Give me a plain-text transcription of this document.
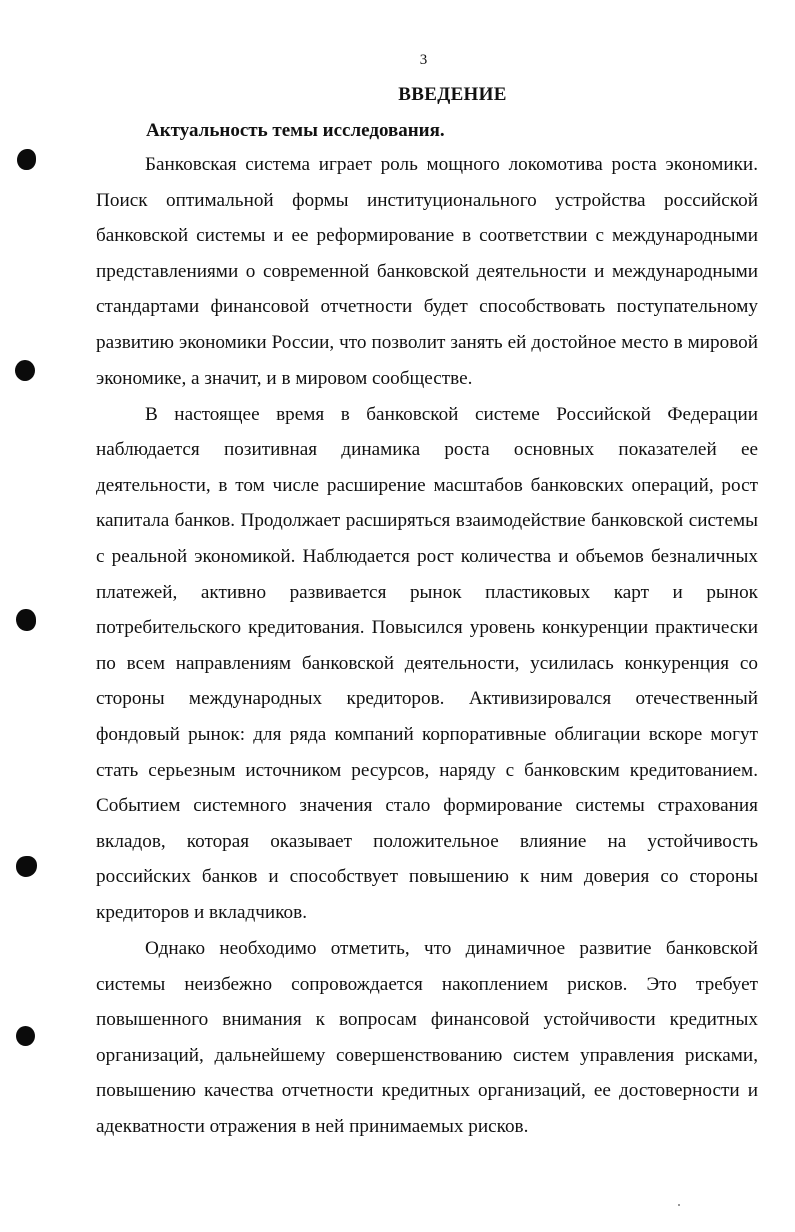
3
ВВЕДЕНИЕ
Актуальность темы исследования.

Банковская система играет роль мощного локомотива роста экономики. Поиск оптимальной формы институционального устройства российской банковской системы и ее реформирование в соответствии с международными представлениями о современной банковской деятельности и международными стандартами финансовой отчетности будет способствовать поступательному развитию экономики России, что позволит занять ей достойное место в мировой экономике, а значит, и в мировом сообществе.

В настоящее время в банковской системе Российской Федерации наблюдается позитивная динамика роста основных показателей ее деятельности, в том числе расширение масштабов банковских операций, рост капитала банков. Продолжает расширяться взаимодействие банковской системы с реальной экономикой. Наблюдается рост количества и объемов безналичных платежей, активно развивается рынок пластиковых карт и рынок потребительского кредитования. Повысился уровень конкуренции практически по всем направлениям банковской деятельности, усилилась конкуренция со стороны международных кредиторов. Активизировался отечественный фондовый рынок: для ряда компаний корпоративные облигации вскоре могут стать серьезным источником ресурсов, наряду с банковским кредитованием. Событием системного значения стало формирование системы страхования вкладов, которая оказывает положительное влияние на устойчивость российских банков и способствует повышению к ним доверия со стороны кредиторов и вкладчиков.

Однако необходимо отметить, что динамичное развитие банковской системы неизбежно сопровождается накоплением рисков. Это требует повышенного внимания к вопросам финансовой устойчивости кредитных организаций, дальнейшему совершенствованию систем управления рисками, повышению качества отчетности кредитных организаций, ее достоверности и адекватности отражения в ней принимаемых рисков.
